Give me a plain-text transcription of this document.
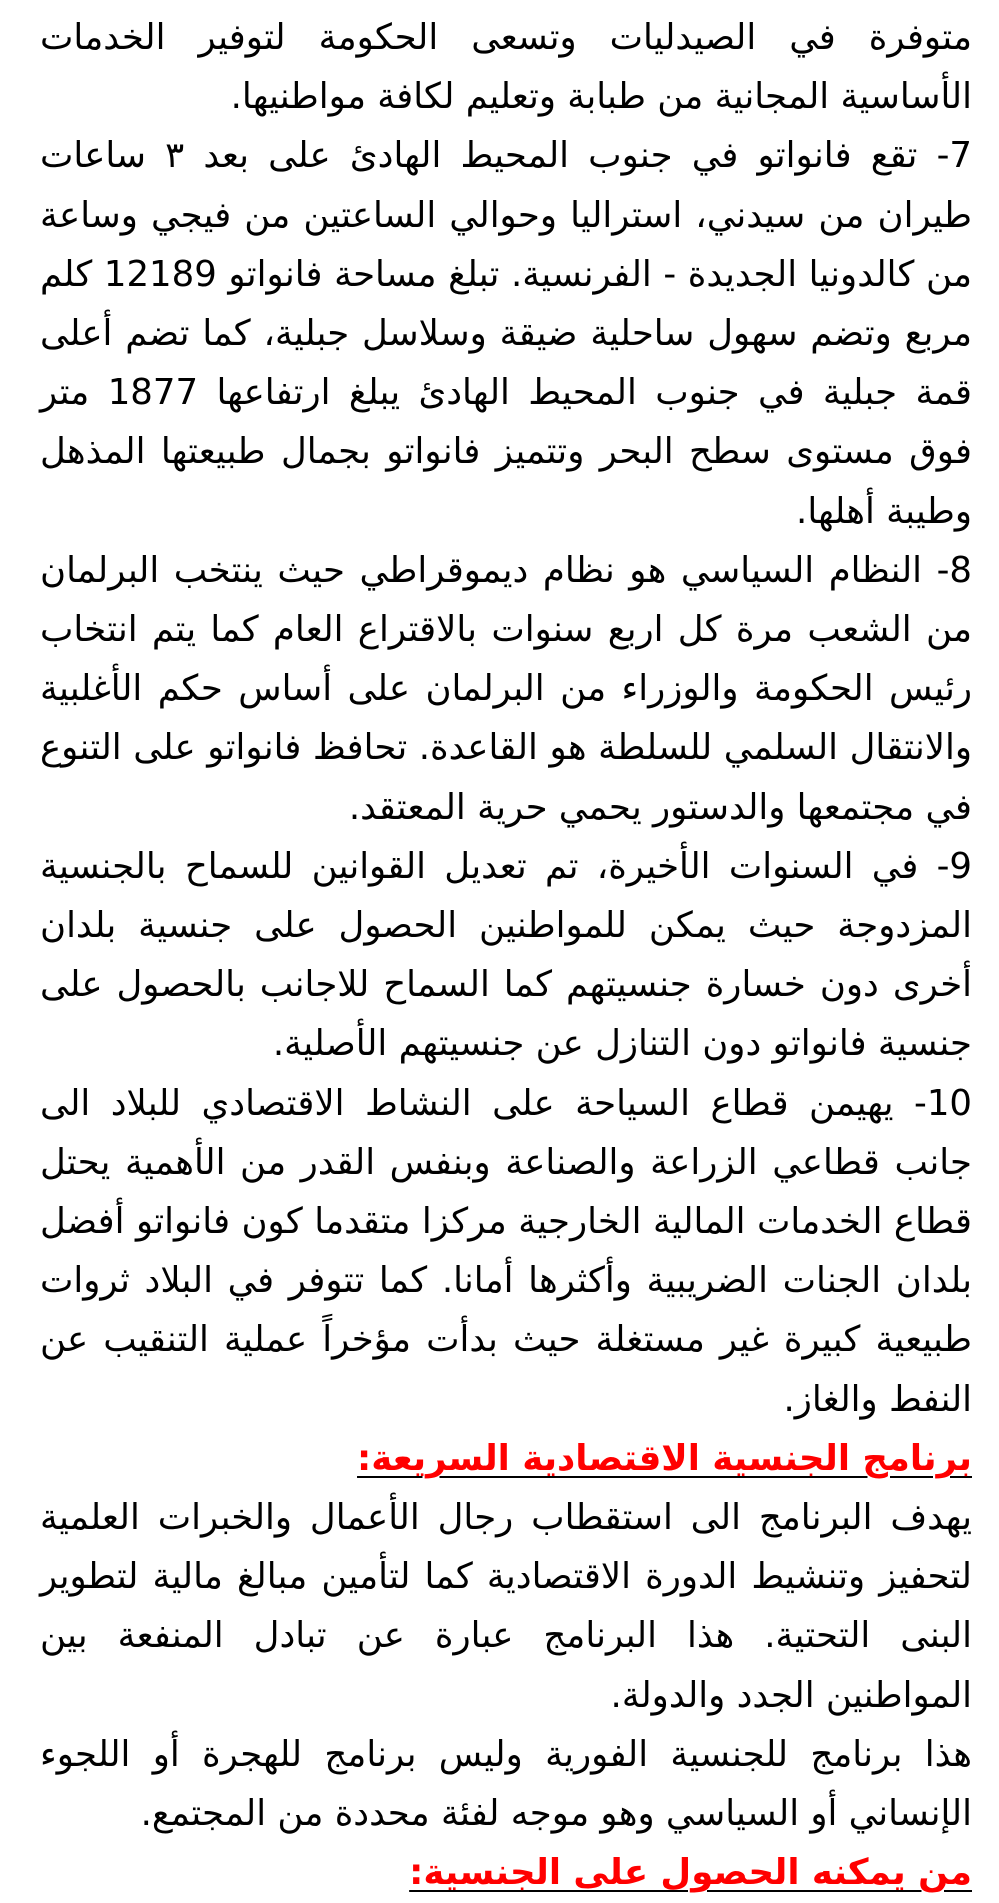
متوفرة في الصيدليات وتسعى الحكومة لتوفير الخدمات الأساسية المجانية من طبابة وتعليم لكافة مواطنيها.

7- تقع فانواتو في جنوب المحيط الهادئ على بعد ٣ ساعات طيران من سيدني، استراليا وحوالي الساعتين من فيجي وساعة من كالدونيا الجديدة - الفرنسية. تبلغ مساحة فانواتو 12189 كلم مربع وتضم سهول ساحلية ضيقة وسلاسل جبلية، كما تضم أعلى قمة جبلية في جنوب المحيط الهادئ يبلغ ارتفاعها 1877 متر فوق مستوى سطح البحر وتتميز فانواتو بجمال طبيعتها المذهل وطيبة أهلها.

8- النظام السياسي هو نظام ديموقراطي حيث ينتخب البرلمان من الشعب مرة كل اربع سنوات بالاقتراع العام كما يتم انتخاب رئيس الحكومة والوزراء من البرلمان على أساس حكم الأغلبية والانتقال السلمي للسلطة هو القاعدة. تحافظ فانواتو على التنوع في مجتمعها والدستور يحمي حرية المعتقد.

9- في السنوات الأخيرة، تم تعديل القوانين للسماح بالجنسية المزدوجة حيث يمكن للمواطنين الحصول على جنسية بلدان أخرى دون خسارة جنسيتهم كما السماح للاجانب بالحصول على جنسية فانواتو دون التنازل عن جنسيتهم الأصلية.

10- يهيمن قطاع السياحة على النشاط الاقتصادي للبلاد الى جانب قطاعي الزراعة والصناعة وبنفس القدر من الأهمية يحتل قطاع الخدمات المالية الخارجية مركزا متقدما كون فانواتو أفضل بلدان الجنات الضريبية وأكثرها أمانا. كما تتوفر في البلاد ثروات طبيعية كبيرة غير مستغلة حيث بدأت مؤخراً عملية التنقيب عن النفط والغاز.

برنامج الجنسية الاقتصادية السريعة:

يهدف البرنامج الى استقطاب رجال الأعمال والخبرات العلمية لتحفيز وتنشيط الدورة الاقتصادية كما لتأمين مبالغ مالية لتطوير البنى التحتية. هذا البرنامج عبارة عن تبادل المنفعة بين المواطنين الجدد والدولة.

هذا برنامج للجنسية الفورية وليس برنامج للهجرة أو اللجوء الإنساني أو السياسي وهو موجه لفئة محددة من المجتمع.

من يمكنه الحصول على الجنسية:
